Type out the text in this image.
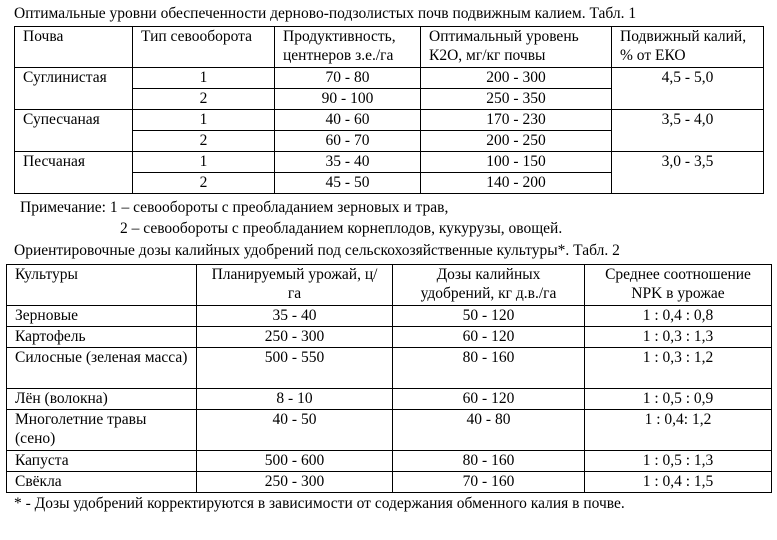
Оптимальные уровни обеспеченности дерново-подзолистых почв подвижным калием. Табл. 1
Почва	Тип севооборота	Продуктивность, центнеров з.е./га	Оптимальный уровень К2О, мг/кг почвы	Подвижный калий, % от ЕКО
Суглинистая	1	70 - 80	200 - 300	4,5 - 5,0
	2	90 - 100	250 - 350	
Супесчаная	1	40 - 60	170 - 230	3,5 - 4,0
	2	60 - 70	200 - 250	
Песчаная	1	35 - 40	100 - 150	3,0 - 3,5
	2	45 - 50	140 - 200	
Примечание: 1 – севообороты с преобладанием зерновых и трав,
2 – севообороты с преобладанием корнеплодов, кукурузы, овощей.
Ориентировочные дозы калийных удобрений под сельскохозяйственные культуры*. Табл. 2
Культуры	Планируемый урожай, ц/га	Дозы калийных удобрений, кг д.в./га	Среднее соотношение NPK в урожае
Зерновые	35 - 40	50 - 120	1 : 0,4 : 0,8
Картофель	250 - 300	60 - 120	1 : 0,3 : 1,3
Силосные (зеленая масса)	500 - 550	80 - 160	1 : 0,3 : 1,2
Лён (волокна)	8 - 10	60 - 120	1 : 0,5 : 0,9
Многолетние травы (сено)	40 - 50	40 - 80	1 : 0,4: 1,2
Капуста	500 - 600	80 - 160	1 : 0,5 : 1,3
Свёкла	250 - 300	70 - 160	1 : 0,4 : 1,5
* - Дозы удобрений корректируются в зависимости от содержания обменного калия в почве.
